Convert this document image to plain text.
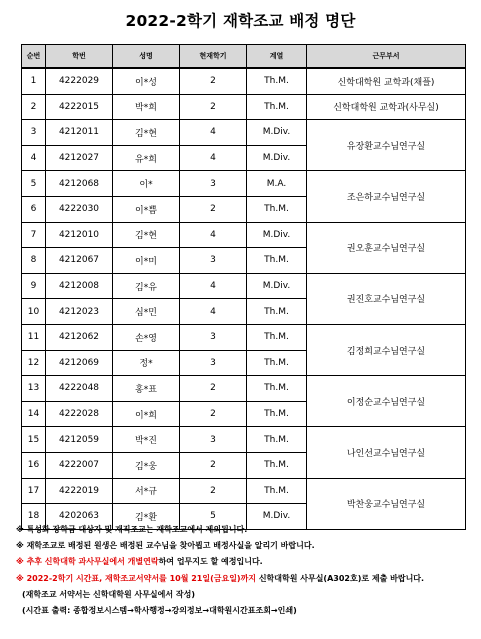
2022-2학기 재학조교 배정 명단
순번	학번	성명	현재학기	계열	근무부서
1	4222029	이*성	2	Th.M.	신학대학원 교학과(채플)
2	4222015	박*희	2	Th.M.	신학대학원 교학과(사무실)
3	4212011	김*현	4	M.Div.	유장환교수님연구실
4	4212027	유*희	4	M.Div.	
5	4212068	이*	3	M.A.	조은하교수님연구실
6	4222030	이*쁨	2	Th.M.	
7	4212010	김*현	4	M.Div.	권오훈교수님연구실
8	4212067	이*미	3	Th.M.	
9	4212008	김*유	4	M.Div.	권진호교수님연구실
10	4212023	심*민	4	Th.M.	
11	4212062	손*영	3	Th.M.	김정희교수님연구실
12	4212069	정*	3	Th.M.	
13	4222048	홍*표	2	Th.M.	이정순교수님연구실
14	4222028	이*희	2	Th.M.	
15	4212059	박*진	3	Th.M.	나인선교수님연구실
16	4222007	김*웅	2	Th.M.	
17	4222019	서*규	2	Th.M.	박찬웅교수님연구실
18	4202063	김*환	5	M.Div.	
※ 특성화 장학금 대상자 및 재직조교는 재학조교에서 제외됩니다.
※ 재학조교로 배정된 원생은 배정된 교수님을 찾아뵙고 배정사실을 알리기 바랍니다.
※ 추후 신학대학 과사무실에서 개별연락하여 업무지도 할 예정입니다.
※ 2022-2학기 시간표, 재학조교서약서를 10월 21일(금요일)까지 신학대학원 사무실(A302호)로 제출 바랍니다.
(재학조교 서약서는 신학대학원 사무실에서 작성)
(시간표 출력: 종합정보시스템→학사행정→강의정보→대학원시간표조회→인쇄)
